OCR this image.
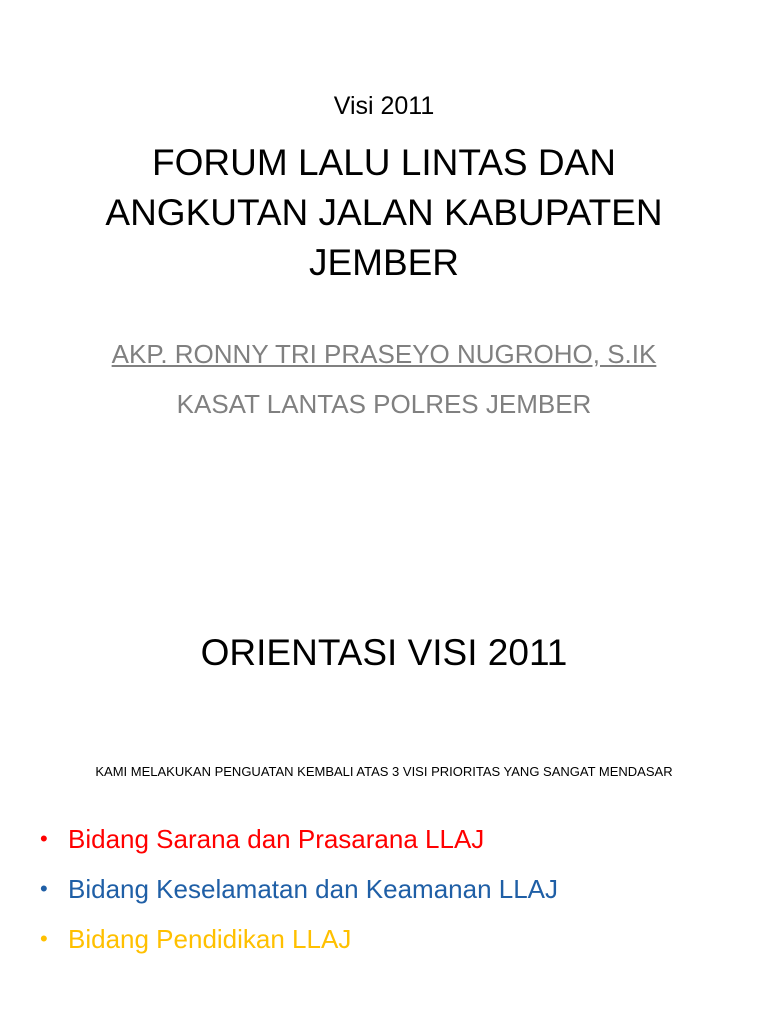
Visi 2011
FORUM LALU LINTAS DAN
ANGKUTAN JALAN KABUPATEN
JEMBER
AKP. RONNY TRI PRASEYO NUGROHO, S.IK
KASAT LANTAS POLRES JEMBER
ORIENTASI VISI 2011
KAMI MELAKUKAN PENGUATAN KEMBALI ATAS 3 VISI PRIORITAS YANG SANGAT MENDASAR
• Bidang Sarana dan Prasarana LLAJ
• Bidang Keselamatan dan Keamanan LLAJ
• Bidang Pendidikan LLAJ
